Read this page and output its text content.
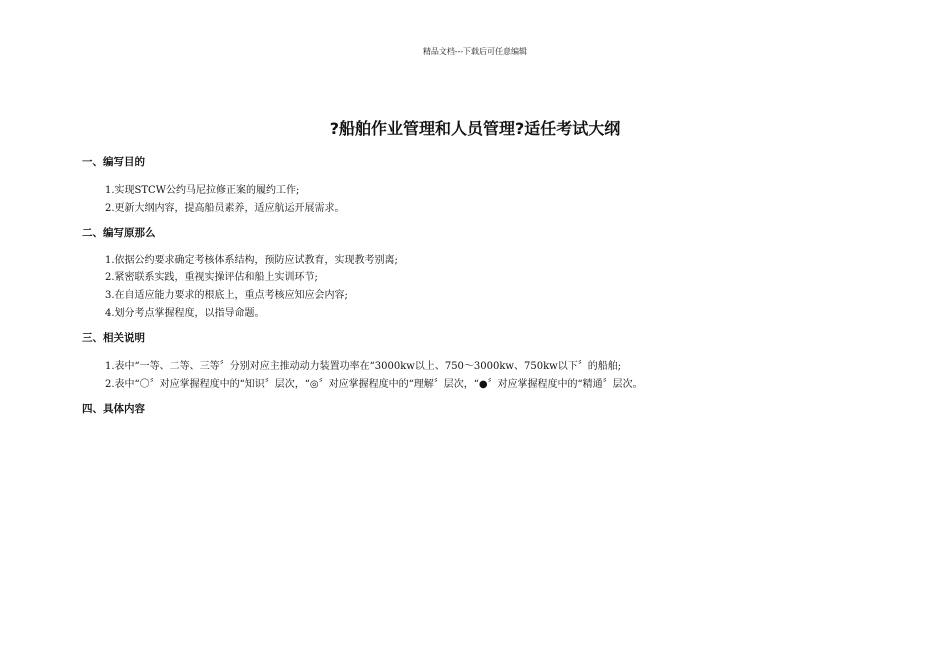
精品文档---下载后可任意编辑
?船舶作业管理和人员管理?适任考试大纲
一、编写目的
1.实现STCW公约马尼拉修正案的履约工作;
2.更新大纲内容，提高船员素养，适应航运开展需求。
二、编写原那么
1.依据公约要求确定考核体系结构，预防应试教育，实现教考别离;
2.紧密联系实践，重视实操评估和船上实训环节;
3.在自适应能力要求的根底上，重点考核应知应会内容;
4.划分考点掌握程度，以指导命题。
三、相关说明
1.表中“一等、二等、三等〞分别对应主推动动力装置功率在“3000kw以上、750～3000kw、750kw以下〞的船舶;
2.表中“〇〞对应掌握程度中的“知识〞层次，“◎〞对应掌握程度中的“理解〞层次，“●〞对应掌握程度中的“精通〞层次。
四、具体内容
